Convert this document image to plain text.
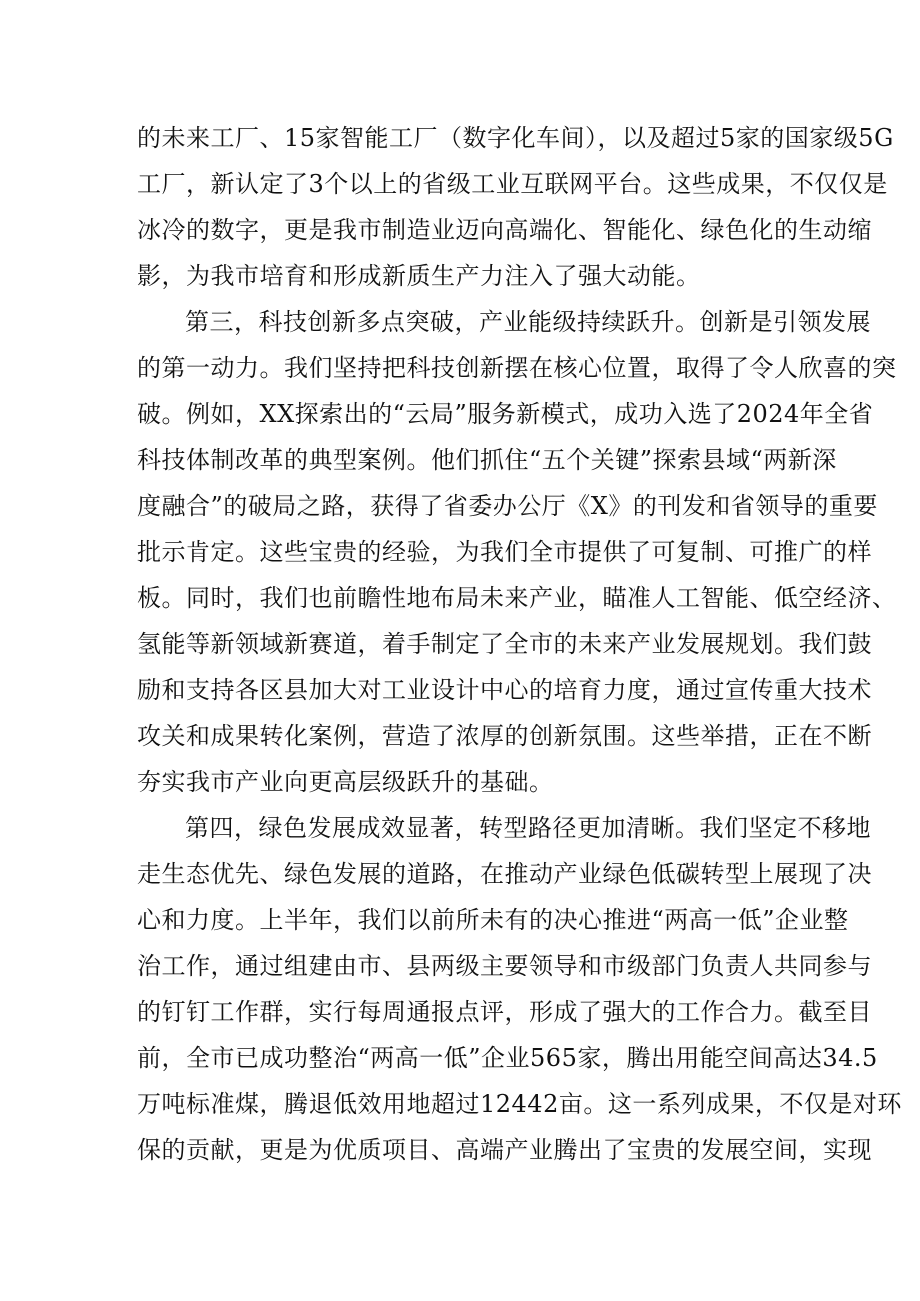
的未来工厂、15家智能工厂（数字化车间），以及超过5家的国家级5G
工厂，新认定了3个以上的省级工业互联网平台。这些成果，不仅仅是
冰冷的数字，更是我市制造业迈向高端化、智能化、绿色化的生动缩
影，为我市培育和形成新质生产力注入了强大动能。
第三，科技创新多点突破，产业能级持续跃升。创新是引领发展
的第一动力。我们坚持把科技创新摆在核心位置，取得了令人欣喜的突
破。例如，XX探索出的“云局”服务新模式，成功入选了2024年全省
科技体制改革的典型案例。他们抓住“五个关键”探索县域“两新深
度融合”的破局之路，获得了省委办公厅《X》的刊发和省领导的重要
批示肯定。这些宝贵的经验，为我们全市提供了可复制、可推广的样
板。同时，我们也前瞻性地布局未来产业，瞄准人工智能、低空经济、
氢能等新领域新赛道，着手制定了全市的未来产业发展规划。我们鼓
励和支持各区县加大对工业设计中心的培育力度，通过宣传重大技术
攻关和成果转化案例，营造了浓厚的创新氛围。这些举措，正在不断
夯实我市产业向更高层级跃升的基础。
第四，绿色发展成效显著，转型路径更加清晰。我们坚定不移地
走生态优先、绿色发展的道路，在推动产业绿色低碳转型上展现了决
心和力度。上半年，我们以前所未有的决心推进“两高一低”企业整
治工作，通过组建由市、县两级主要领导和市级部门负责人共同参与
的钉钉工作群，实行每周通报点评，形成了强大的工作合力。截至目
前，全市已成功整治“两高一低”企业565家，腾出用能空间高达34.5
万吨标准煤，腾退低效用地超过12442亩。这一系列成果，不仅是对环
保的贡献，更是为优质项目、高端产业腾出了宝贵的发展空间，实现
